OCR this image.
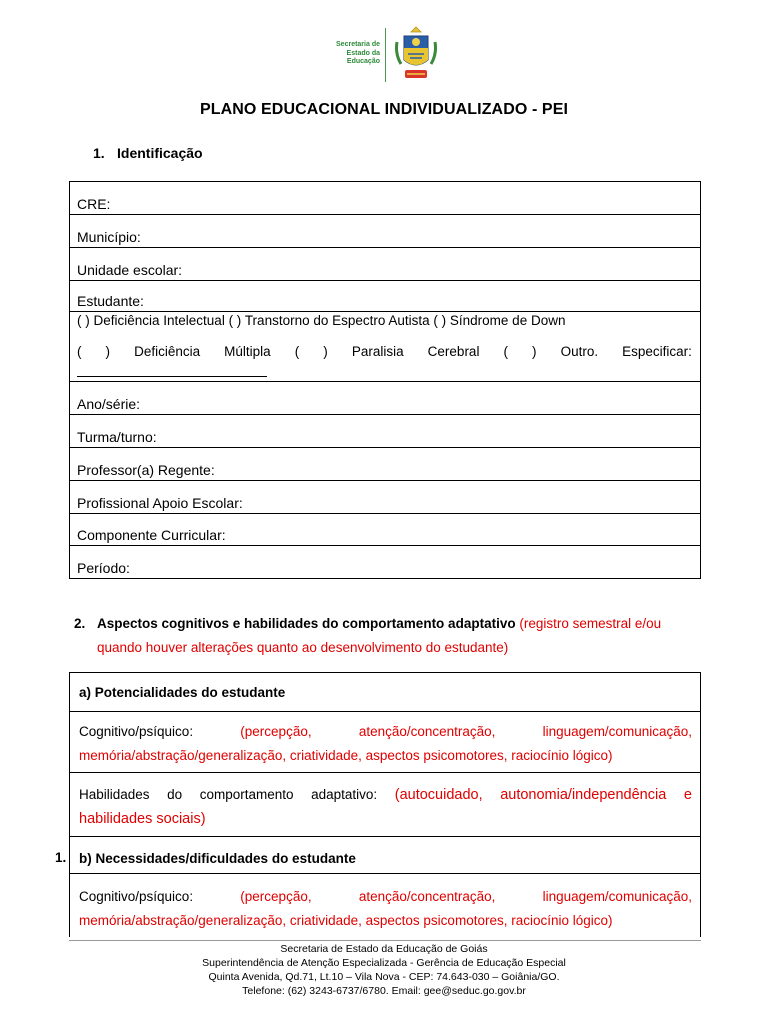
Secretaria de
Estado da
Educação
PLANO EDUCACIONAL INDIVIDUALIZADO - PEI
1. Identificação
CRE:
Município:
Unidade escolar:
Estudante:
( ) Deficiência Intelectual ( ) Transtorno do Espectro Autista ( ) Síndrome de Down
( ) Deficiência Múltipla ( ) Paralisia Cerebral ( ) Outro. Especificar:
Ano/série:
Turma/turno:
Professor(a) Regente:
Profissional Apoio Escolar:
Componente Curricular:
Período:
2. Aspectos cognitivos e habilidades do comportamento adaptativo (registro semestral e/ou
quando houver alterações quanto ao desenvolvimento do estudante)
a) Potencialidades do estudante
Cognitivo/psíquico:	(percepção,	atenção/concentração,	linguagem/comunicação,
memória/abstração/generalização, criatividade, aspectos psicomotores, raciocínio lógico)
Habilidades do comportamento adaptativo: (autocuidado, autonomia/independência e
habilidades sociais)
b) Necessidades/dificuldades do estudante
Cognitivo/psíquico:	(percepção,	atenção/concentração,	linguagem/comunicação,
memória/abstração/generalização, criatividade, aspectos psicomotores, raciocínio lógico)
1.
Secretaria de Estado da Educação de Goiás
Superintendência de Atenção Especializada - Gerência de Educação Especial
Quinta Avenida, Qd.71, Lt.10 – Vila Nova - CEP: 74.643-030 – Goiânia/GO.
Telefone: (62) 3243-6737/6780. Email: gee@seduc.go.gov.br
